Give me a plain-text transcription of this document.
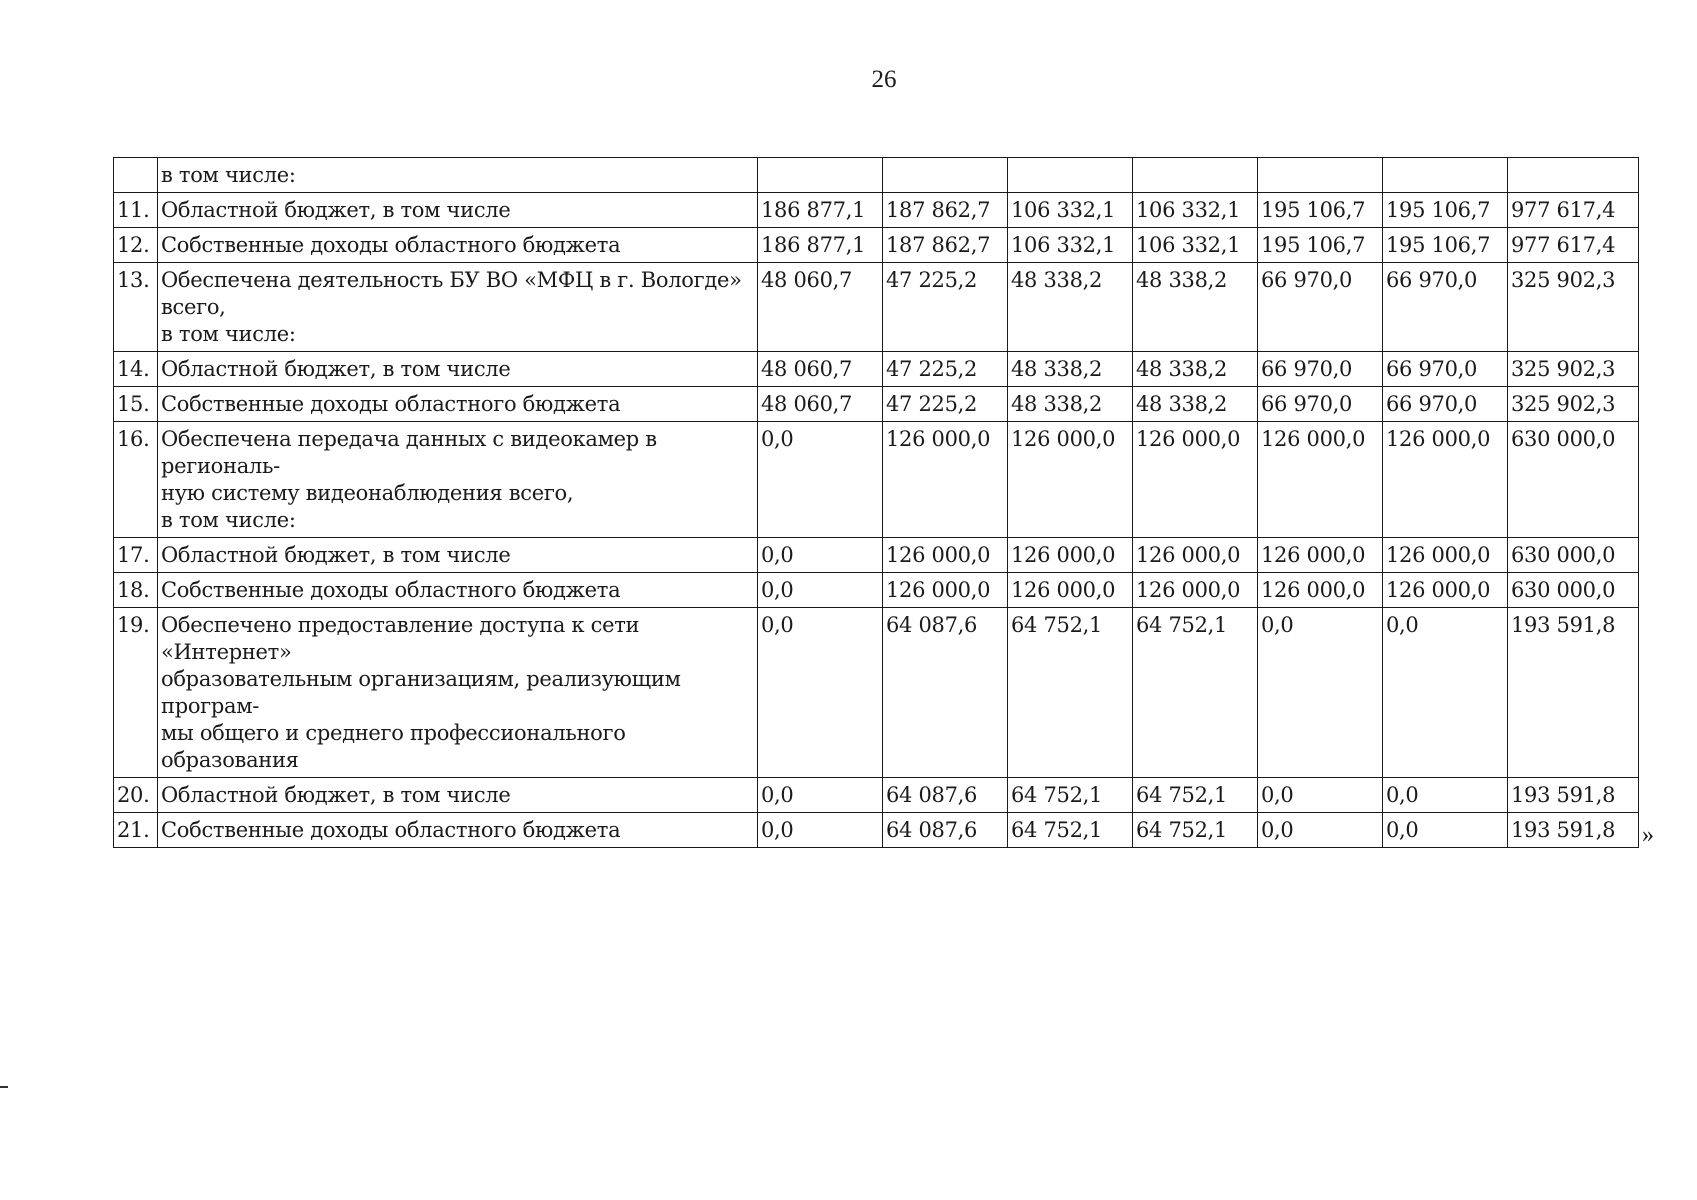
26
	в том числе:							
11.	Областной бюджет, в том числе	186 877,1	187 862,7	106 332,1	106 332,1	195 106,7	195 106,7	977 617,4
12.	Собственные доходы областного бюджета	186 877,1	187 862,7	106 332,1	106 332,1	195 106,7	195 106,7	977 617,4
13.	Обеспечена деятельность БУ ВО «МФЦ в г. Вологде»
всего,
в том числе:	48 060,7	47 225,2	48 338,2	48 338,2	66 970,0	66 970,0	325 902,3
14.	Областной бюджет, в том числе	48 060,7	47 225,2	48 338,2	48 338,2	66 970,0	66 970,0	325 902,3
15.	Собственные доходы областного бюджета	48 060,7	47 225,2	48 338,2	48 338,2	66 970,0	66 970,0	325 902,3
16.	Обеспечена передача данных с видеокамер в региональ-
ную систему видеонаблюдения всего,
в том числе:	0,0	126 000,0	126 000,0	126 000,0	126 000,0	126 000,0	630 000,0
17.	Областной бюджет, в том числе	0,0	126 000,0	126 000,0	126 000,0	126 000,0	126 000,0	630 000,0
18.	Собственные доходы областного бюджета	0,0	126 000,0	126 000,0	126 000,0	126 000,0	126 000,0	630 000,0
19.	Обеспечено предоставление доступа к сети «Интернет»
образовательным организациям, реализующим програм-
мы общего и среднего профессионального образования	0,0	64 087,6	64 752,1	64 752,1	0,0	0,0	193 591,8
20.	Областной бюджет, в том числе	0,0	64 087,6	64 752,1	64 752,1	0,0	0,0	193 591,8
21.	Собственные доходы областного бюджета	0,0	64 087,6	64 752,1	64 752,1	0,0	0,0	193 591,8 »
